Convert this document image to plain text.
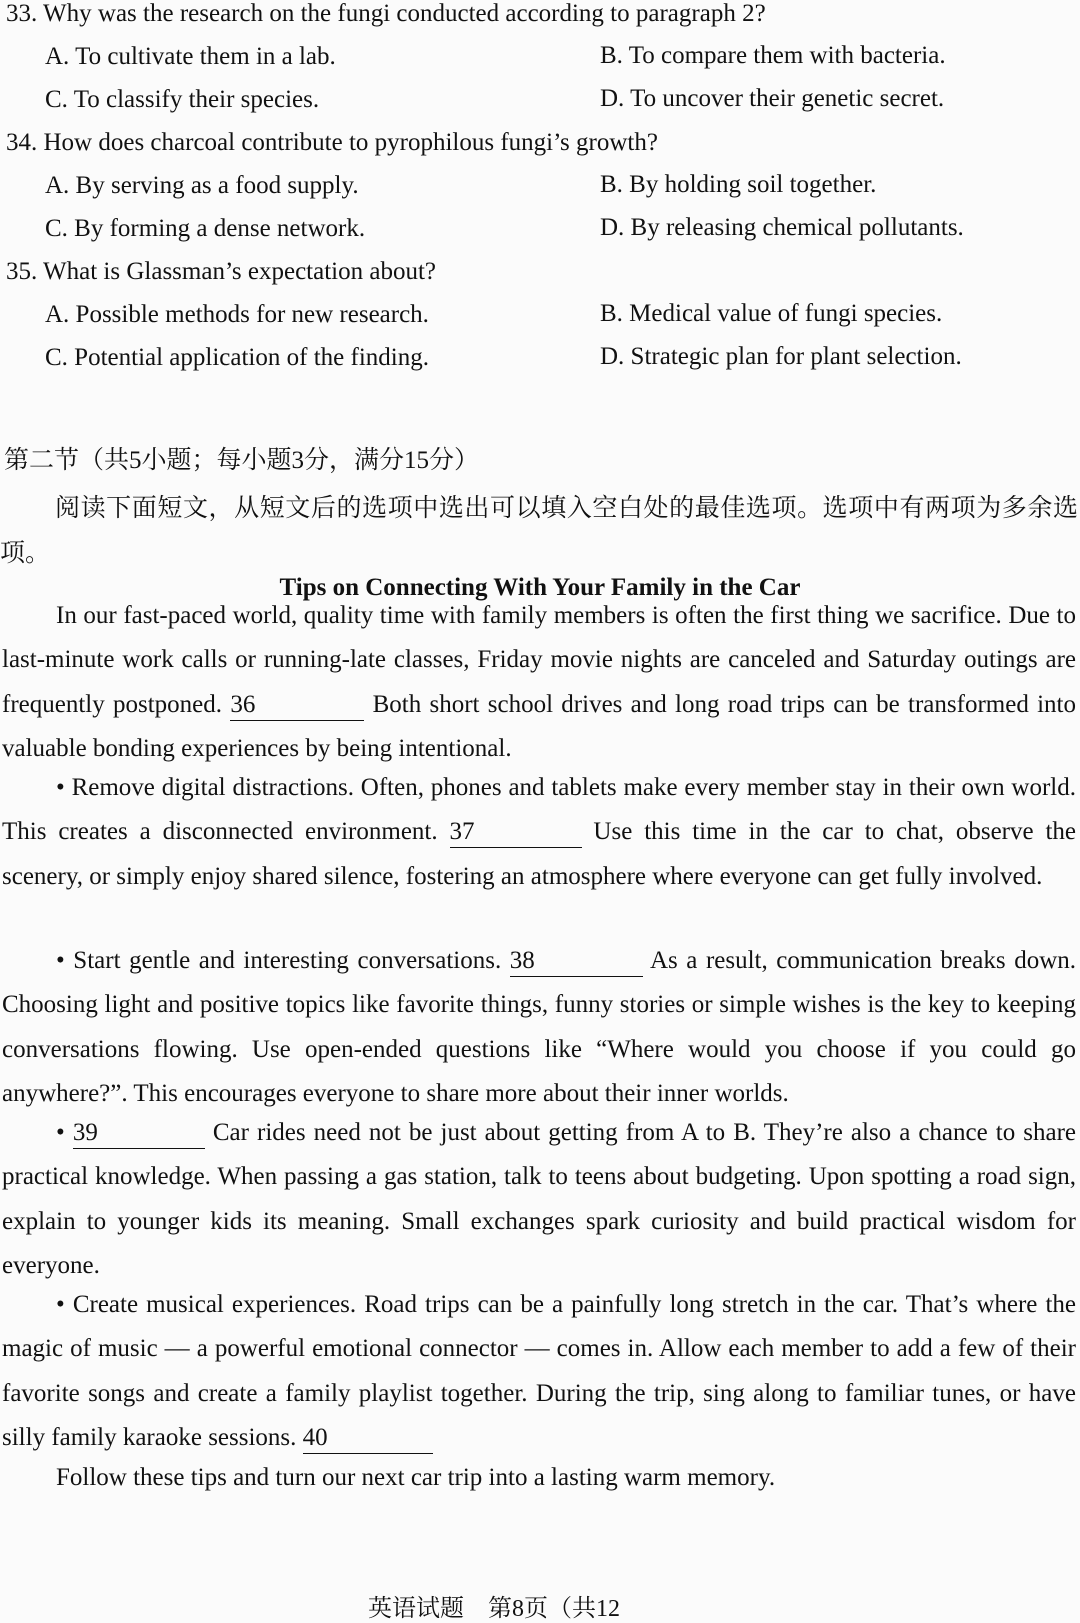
33. Why was the research on the fungi conducted according to paragraph 2?
A. To cultivate them in a lab.	B. To compare them with bacteria.
C. To classify their species.	D. To uncover their genetic secret.
34. How does charcoal contribute to pyrophilous fungi’s growth?
A. By serving as a food supply.	B. By holding soil together.
C. By forming a dense network.	D. By releasing chemical pollutants.
35. What is Glassman’s expectation about?
A. Possible methods for new research.	B. Medical value of fungi species.
C. Potential application of the finding.	D. Strategic plan for plant selection.
第二节（共5小题；每小题3分，满分15分）
阅读下面短文，从短文后的选项中选出可以填入空白处的最佳选项。选项中有两项为多余选项。
Tips on Connecting With Your Family in the Car
In our fast-paced world, quality time with family members is often the first thing we sacrifice. Due to last-minute work calls or running-late classes, Friday movie nights are canceled and Saturday outings are frequently postponed. 36	Both short school drives and long road trips can be transformed into valuable bonding experiences by being intentional.
• Remove digital distractions. Often, phones and tablets make every member stay in their own world. This creates a disconnected environment. 37	Use this time in the car to chat, observe the scenery, or simply enjoy shared silence, fostering an atmosphere where everyone can get fully involved.
• Start gentle and interesting conversations. 38	As a result, communication breaks down. Choosing light and positive topics like favorite things, funny stories or simple wishes is the key to keeping conversations flowing. Use open-ended questions like “Where would you choose if you could go anywhere?”. This encourages everyone to share more about their inner worlds.
• 39	Car rides need not be just about getting from A to B. They’re also a chance to share practical knowledge. When passing a gas station, talk to teens about budgeting. Upon spotting a road sign, explain to younger kids its meaning. Small exchanges spark curiosity and build practical wisdom for everyone.
• Create musical experiences. Road trips can be a painfully long stretch in the car. That’s where the magic of music — a powerful emotional connector — comes in. Allow each member to add a few of their favorite songs and create a family playlist together. During the trip, sing along to familiar tunes, or have silly family karaoke sessions. 40
Follow these tips and turn our next car trip into a lasting warm memory.
英语试题　第8页（共12
